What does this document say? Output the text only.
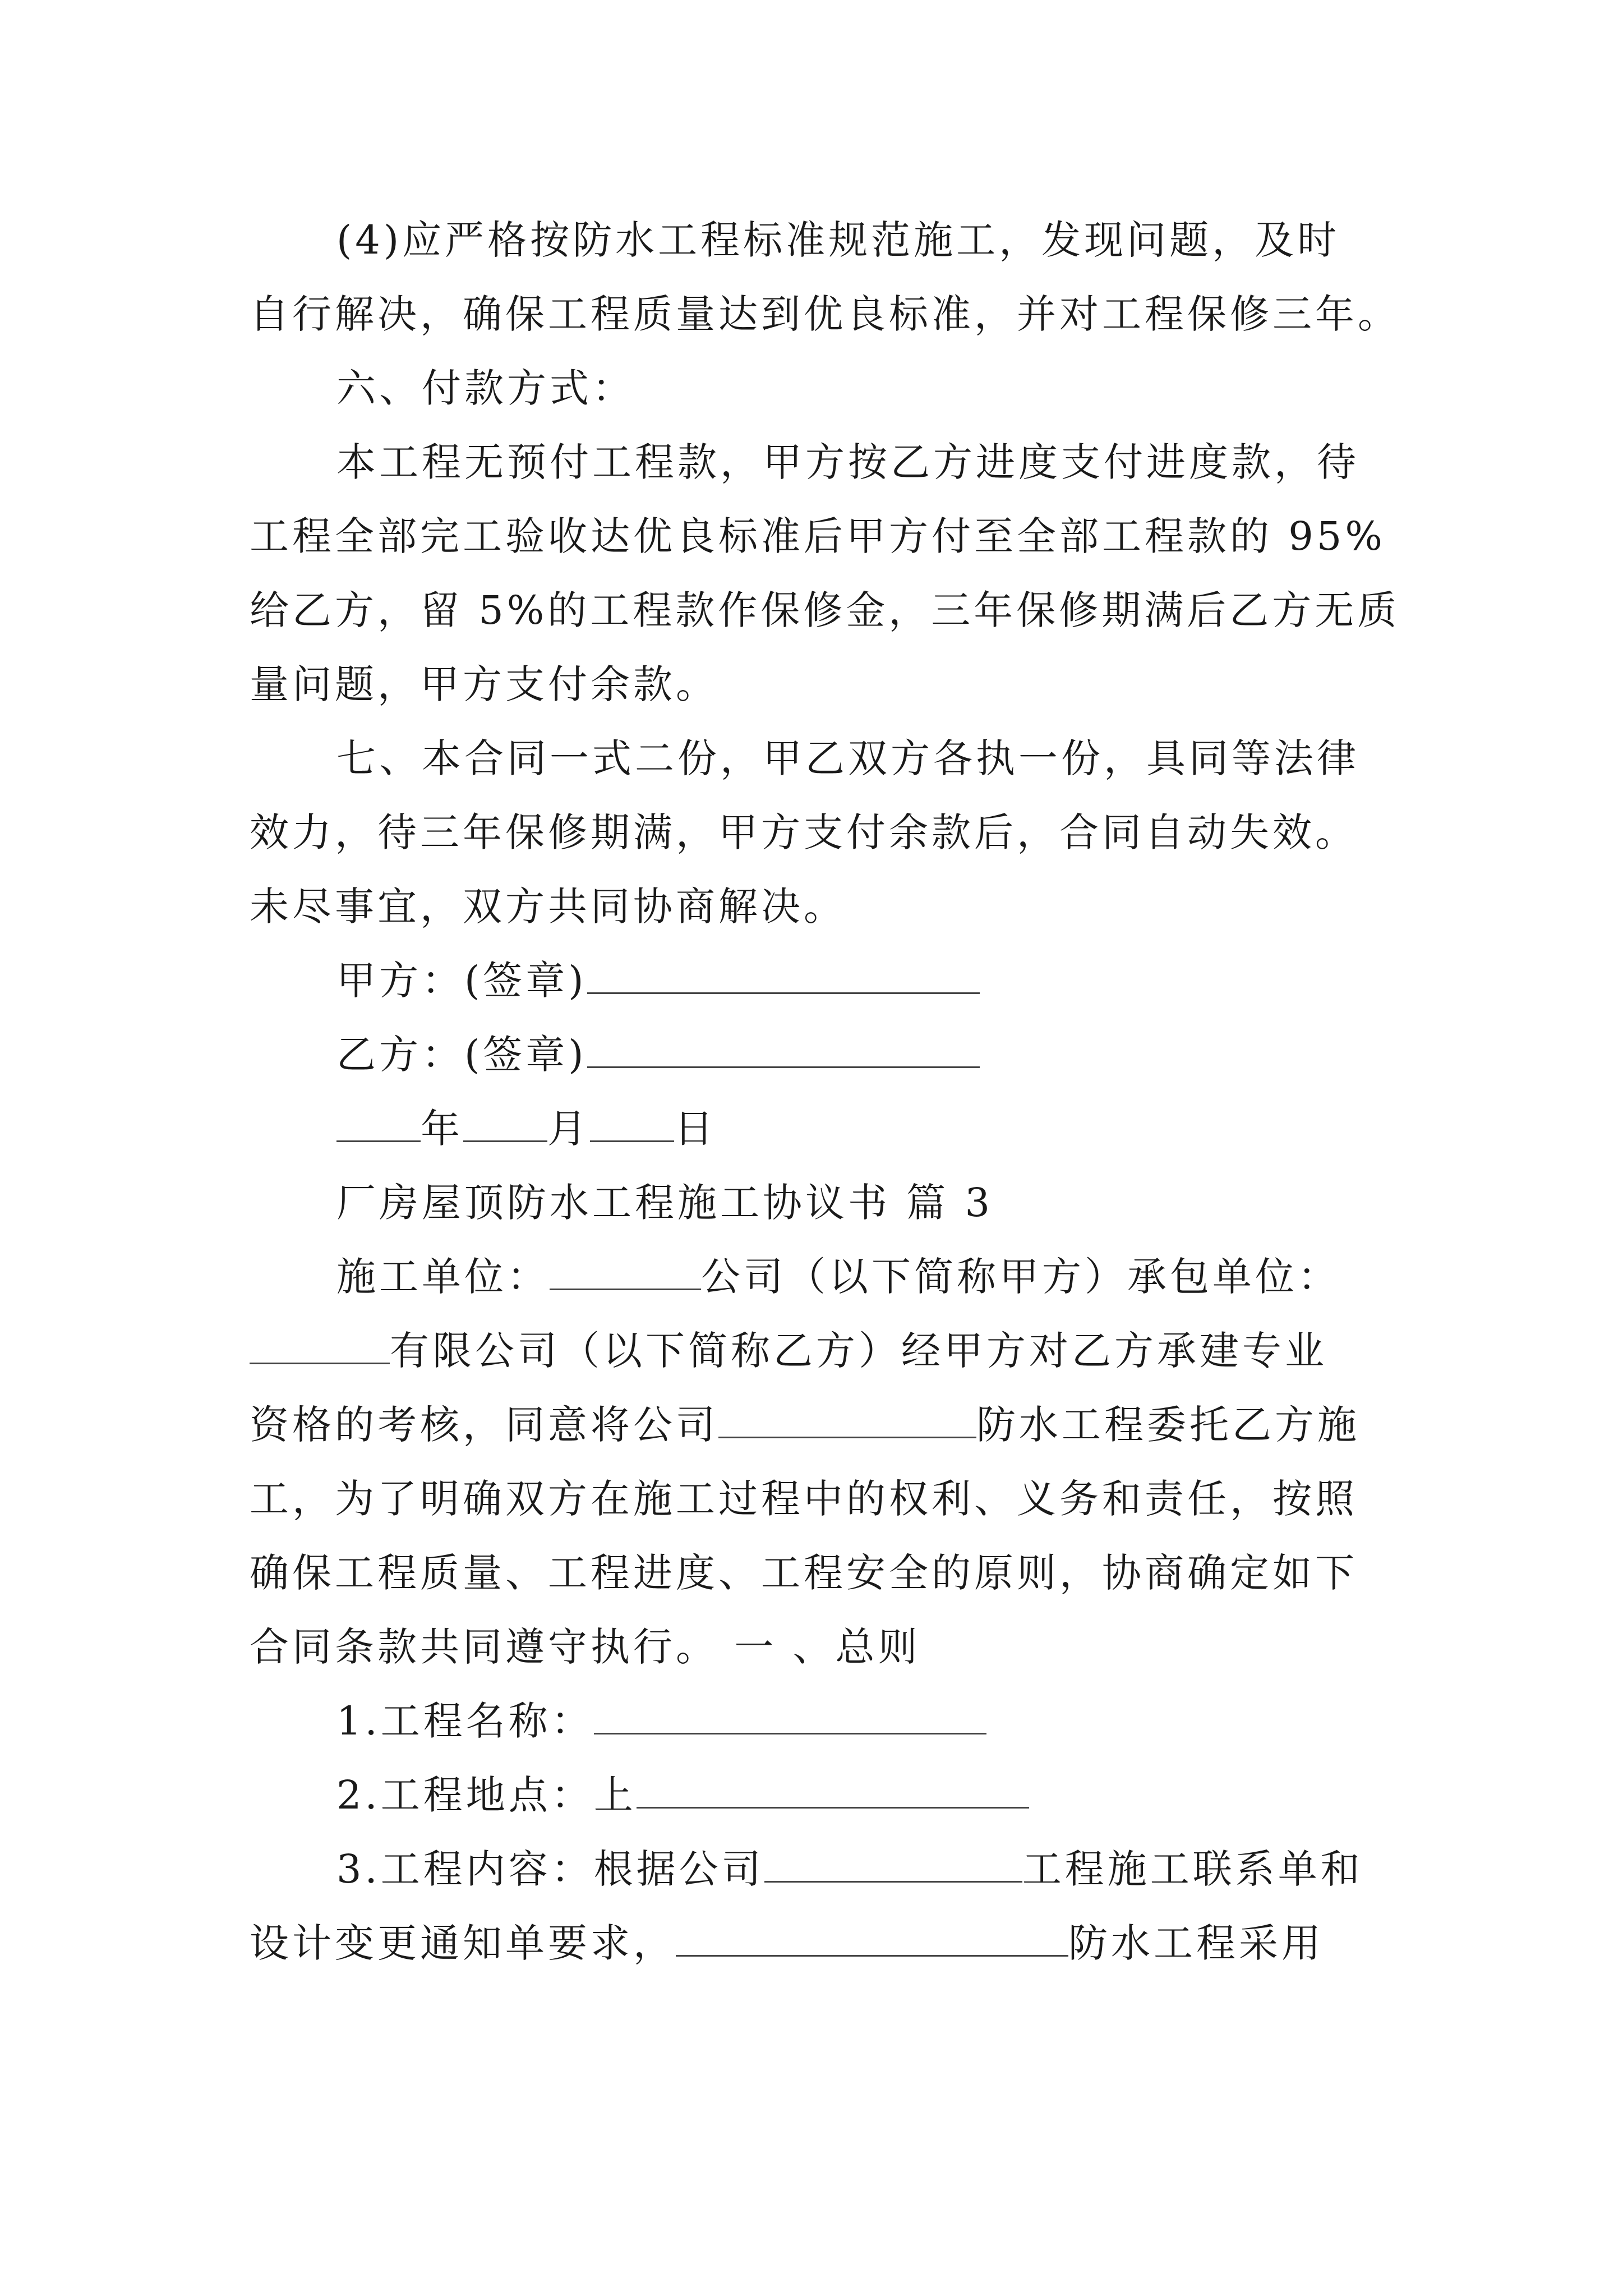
(4)应严格按防水工程标准规范施工，发现问题，及时
自行解决，确保工程质量达到优良标准，并对工程保修三年。
六、付款方式：
本工程无预付工程款，甲方按乙方进度支付进度款，待
工程全部完工验收达优良标准后甲方付至全部工程款的 95%
给乙方，留 5%的工程款作保修金，三年保修期满后乙方无质
量问题，甲方支付余款。
七、本合同一式二份，甲乙双方各执一份，具同等法律
效力，待三年保修期满，甲方支付余款后，合同自动失效。
未尽事宜，双方共同协商解决。
甲方：(签章)
乙方：(签章)
年 月 日
厂房屋顶防水工程施工协议书 篇 3
施工单位：	公司（以下简称甲方）承包单位：
有限公司（以下简称乙方）经甲方对乙方承建专业
资格的考核，同意将公司	防水工程委托乙方施
工，为了明确双方在施工过程中的权利、义务和责任，按照
确保工程质量、工程进度、工程安全的原则，协商确定如下
合同条款共同遵守执行。 一 、总则
1.工程名称：
2.工程地点：上
3.工程内容：根据公司	工程施工联系单和
设计变更通知单要求，	防水工程采用
